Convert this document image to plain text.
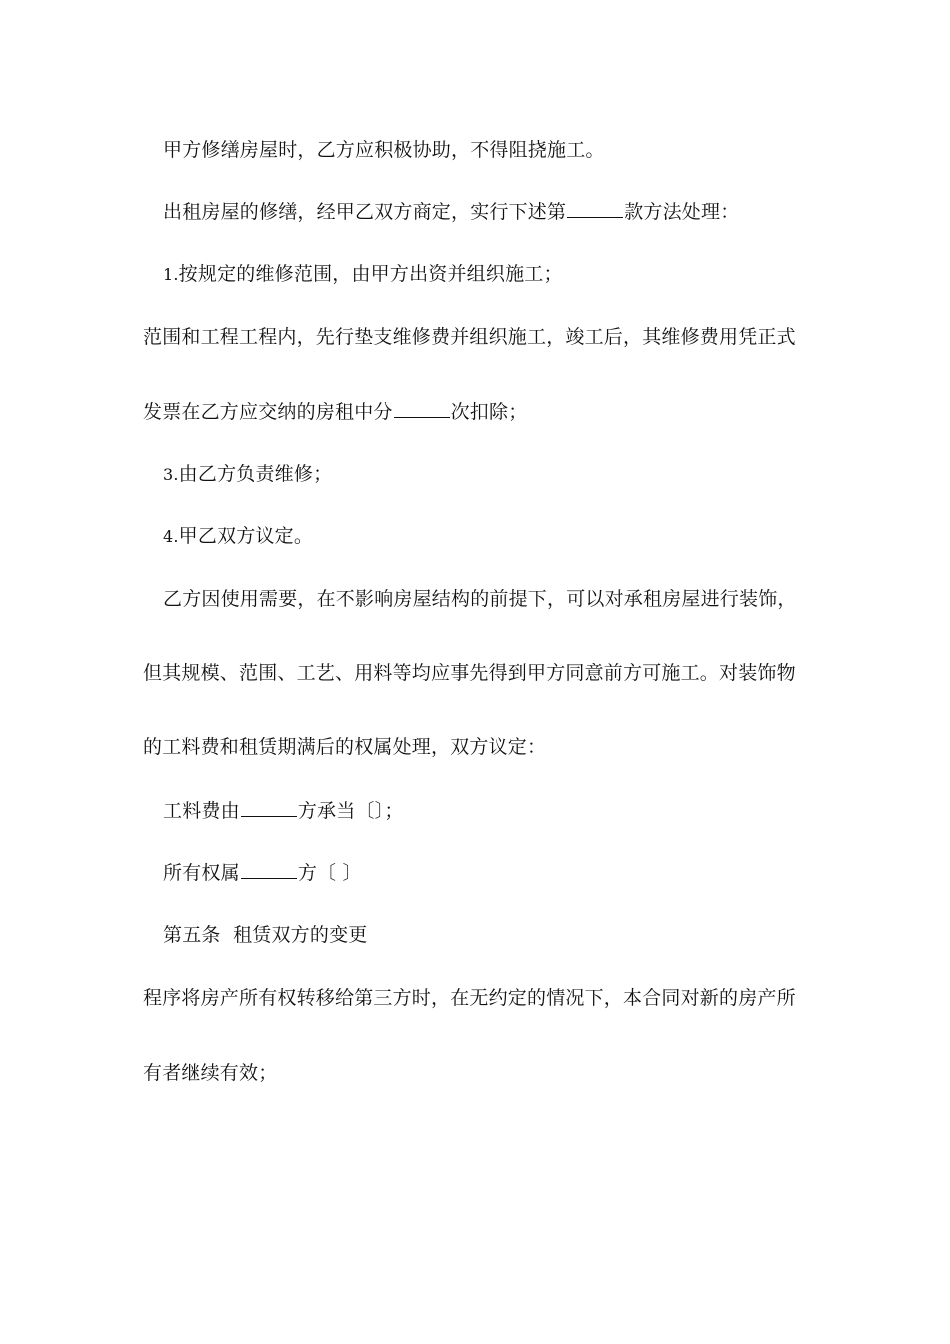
甲方修缮房屋时，乙方应积极协助，不得阻挠施工。
出租房屋的修缮，经甲乙双方商定，实行下述第	款方法处理：
1.按规定的维修范围，由甲方出资并组织施工；
范围和工程工程内，先行垫支维修费并组织施工，竣工后，其维修费用凭正式
发票在乙方应交纳的房租中分	次扣除；
3.由乙方负责维修；
4.甲乙双方议定。
乙方因使用需要，在不影响房屋结构的前提下，可以对承租房屋进行装饰，
但其规模、范围、工艺、用料等均应事先得到甲方同意前方可施工。对装饰物
的工料费和租赁期满后的权属处理，双方议定：
工料费由	方承当〔〕；
所有权属	方〔 〕
第五条  租赁双方的变更
程序将房产所有权转移给第三方时，在无约定的情况下，本合同对新的房产所
有者继续有效；
